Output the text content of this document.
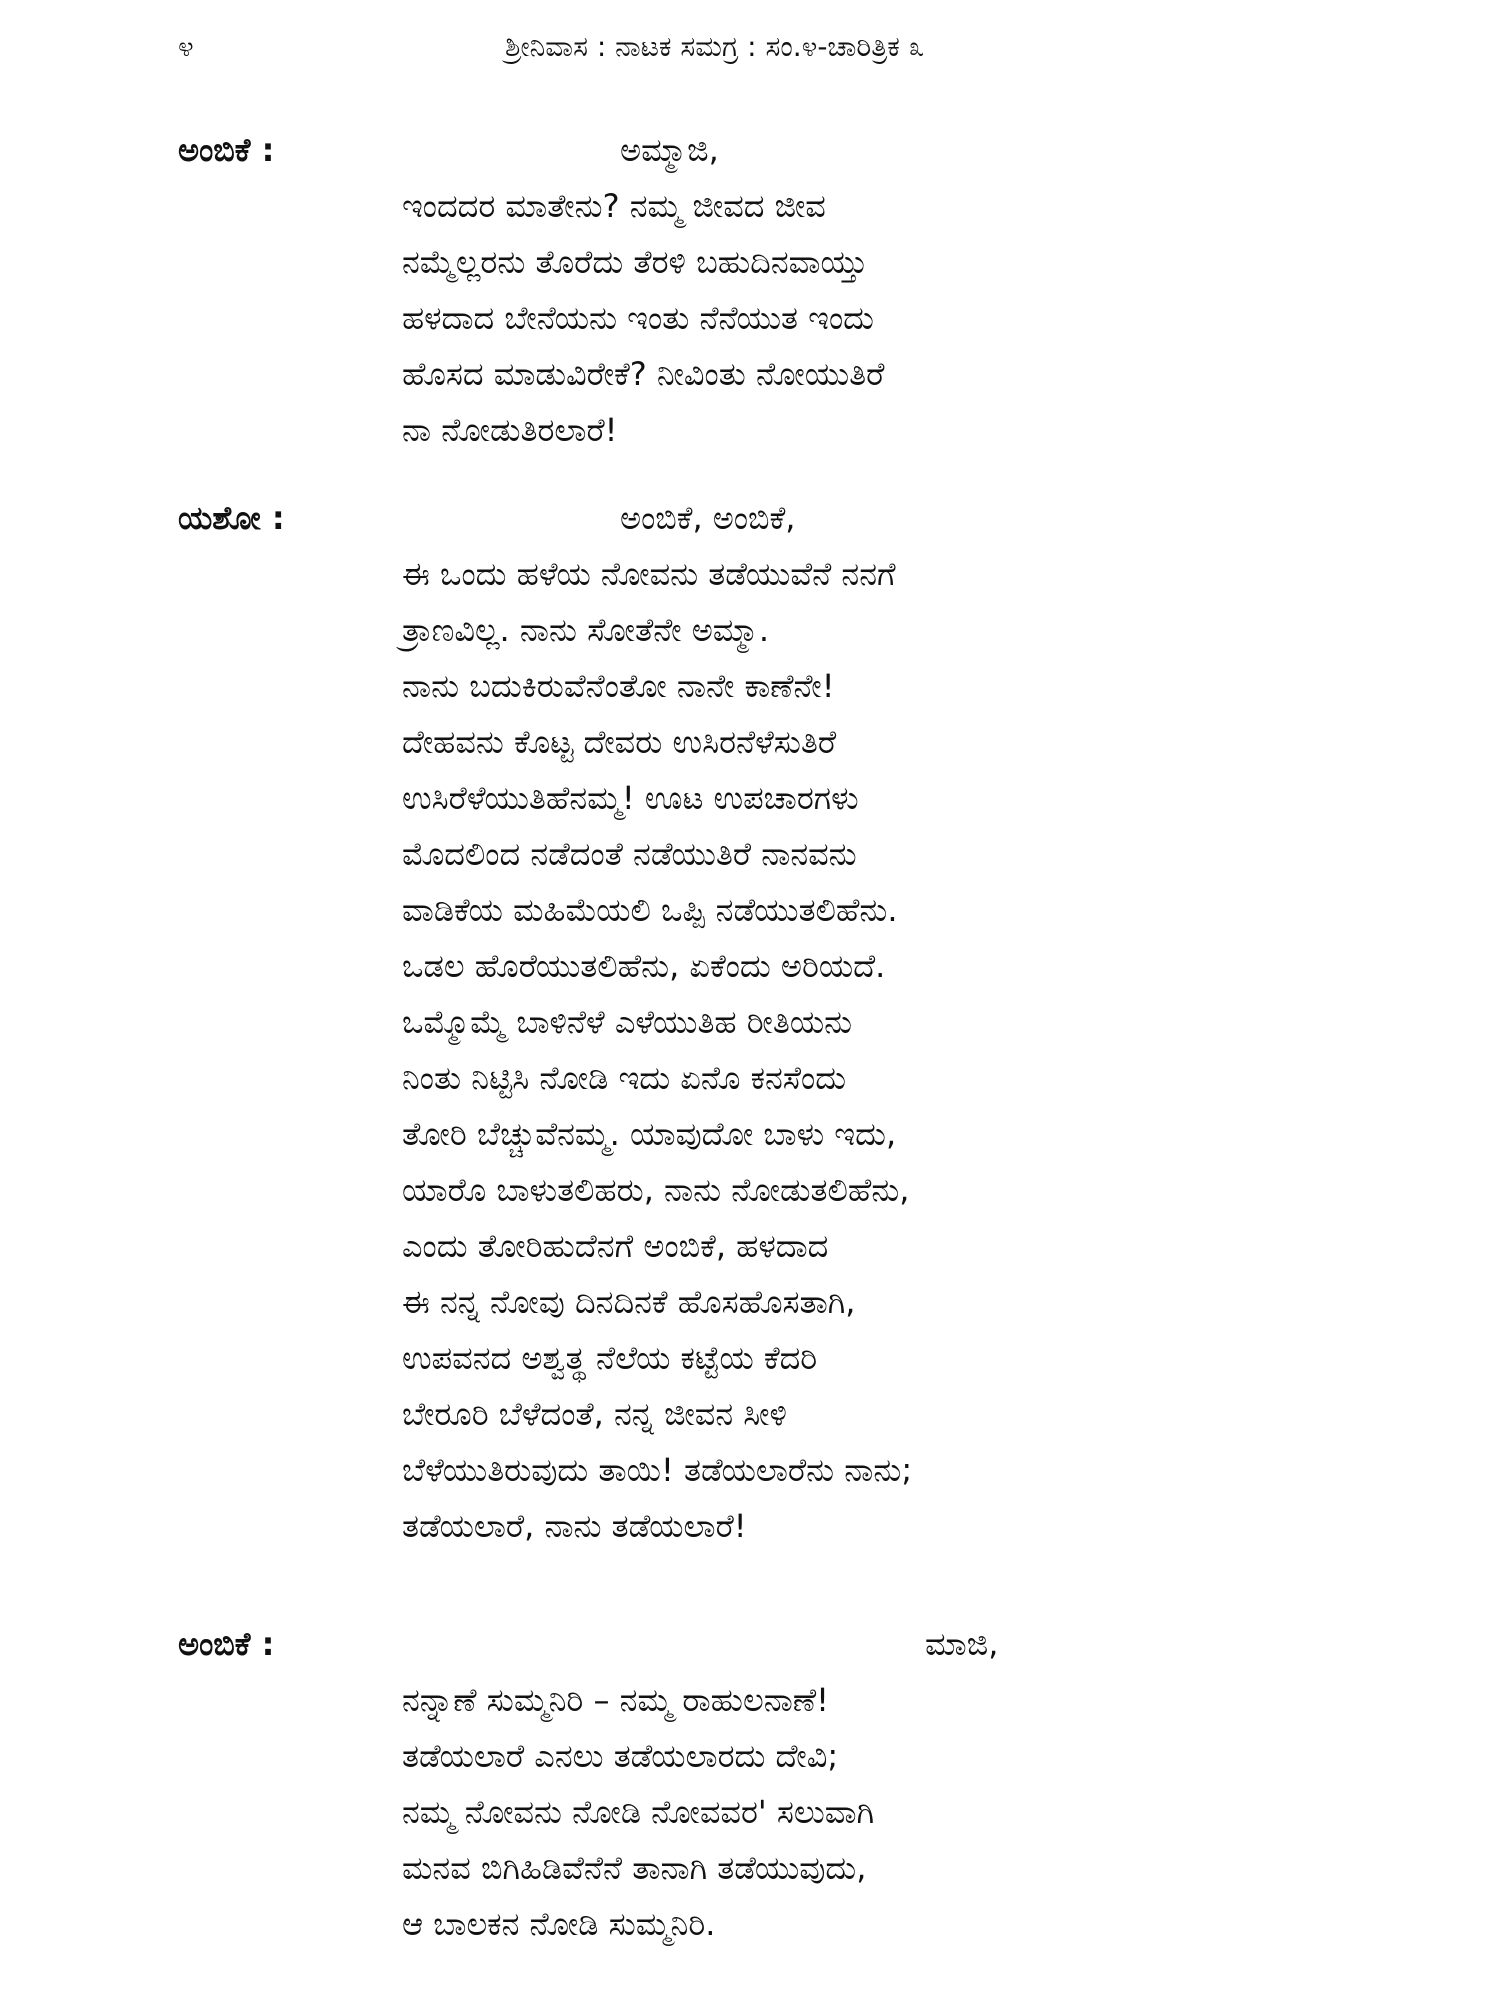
೪	ಶ್ರೀನಿವಾಸ : ನಾಟಕ ಸಮಗ್ರ : ಸಂ.೪-ಚಾರಿತ್ರಿಕ ೩
ಅಂಬಿಕೆ :	ಅಮ್ಮಾಜಿ,
ಇಂದದರ ಮಾತೇನು? ನಮ್ಮ ಜೀವದ ಜೀವ
ನಮ್ಮೆಲ್ಲರನು ತೊರೆದು ತೆರಳಿ ಬಹುದಿನವಾಯ್ತು
ಹಳದಾದ ಬೇನೆಯನು ಇಂತು ನೆನೆಯುತ ಇಂದು
ಹೊಸದ ಮಾಡುವಿರೇಕೆ? ನೀವಿಂತು ನೋಯುತಿರೆ
ನಾ ನೋಡುತಿರಲಾರೆ!
ಯಶೋ :	ಅಂಬಿಕೆ, ಅಂಬಿಕೆ,
ಈ ಒಂದು ಹಳೆಯ ನೋವನು ತಡೆಯುವೆನೆ ನನಗೆ
ತ್ರಾಣವಿಲ್ಲ. ನಾನು ಸೋತೆನೇ ಅಮ್ಮಾ.
ನಾನು ಬದುಕಿರುವೆನೆಂತೋ ನಾನೇ ಕಾಣೆನೇ!
ದೇಹವನು ಕೊಟ್ಟ ದೇವರು ಉಸಿರನೆಳೆಸುತಿರೆ
ಉಸಿರೆಳೆಯುತಿಹೆನಮ್ಮ! ಊಟ ಉಪಚಾರಗಳು
ಮೊದಲಿಂದ ನಡೆದಂತೆ ನಡೆಯುತಿರೆ ನಾನವನು
ವಾಡಿಕೆಯ ಮಹಿಮೆಯಲಿ ಒಪ್ಪಿ ನಡೆಯುತಲಿಹೆನು.
ಒಡಲ ಹೊರೆಯುತಲಿಹೆನು, ಏಕೆಂದು ಅರಿಯದೆ.
ಒಮ್ಮೊಮ್ಮೆ ಬಾಳಿನೆಳೆ ಎಳೆಯುತಿಹ ರೀತಿಯನು
ನಿಂತು ನಿಟ್ಟಿಸಿ ನೋಡಿ ಇದು ಏನೊ ಕನಸೆಂದು
ತೋರಿ ಬೆಚ್ಚುವೆನಮ್ಮ. ಯಾವುದೋ ಬಾಳು ಇದು,
ಯಾರೊ ಬಾಳುತಲಿಹರು, ನಾನು ನೋಡುತಲಿಹೆನು,
ಎಂದು ತೋರಿಹುದೆನಗೆ ಅಂಬಿಕೆ, ಹಳದಾದ
ಈ ನನ್ನ ನೋವು ದಿನದಿನಕೆ ಹೊಸಹೊಸತಾಗಿ,
ಉಪವನದ ಅಶ್ವತ್ಥ ನೆಲೆಯ ಕಟ್ಟೆಯ ಕೆದರಿ
ಬೇರೂರಿ ಬೆಳೆದಂತೆ, ನನ್ನ ಜೀವನ ಸೀಳಿ
ಬೆಳೆಯುತಿರುವುದು ತಾಯಿ! ತಡೆಯಲಾರೆನು ನಾನು;
ತಡೆಯಲಾರೆ, ನಾನು ತಡೆಯಲಾರೆ!
ಅಂಬಿಕೆ :	ಮಾಜಿ,
ನನ್ನಾಣೆ ಸುಮ್ಮನಿರಿ – ನಮ್ಮ ರಾಹುಲನಾಣೆ!
ತಡೆಯಲಾರೆ ಎನಲು ತಡೆಯಲಾರದು ದೇವಿ;
ನಮ್ಮ ನೋವನು ನೋಡಿ ನೋವವರ' ಸಲುವಾಗಿ
ಮನವ ಬಿಗಿಹಿಡಿವೆನೆನೆ ತಾನಾಗಿ ತಡೆಯುವುದು,
ಆ ಬಾಲಕನ ನೋಡಿ ಸುಮ್ಮನಿರಿ.
